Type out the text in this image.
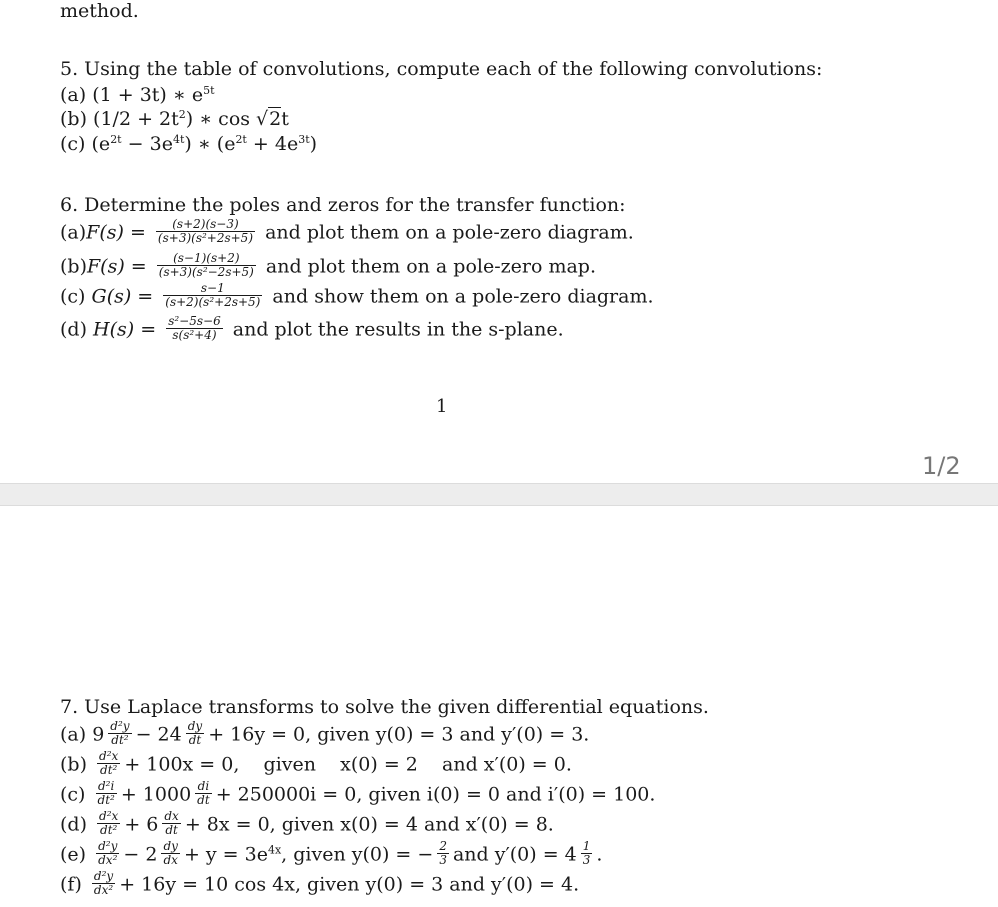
method.
5. Using the table of convolutions, compute each of the following convolutions:
(a) (1 + 3t) ∗ $e^{5t}$
(b) $(1/2 + 2t^2)$ ∗ cos √2t
(c) $(e^{2t} - 3e^{4t})$ ∗ $(e^{2t} + 4e^{3t})$
6. Determine the poles and zeros for the transfer function:
$(a)F(s) = \frac{(s+2)(s-3)}{\text{(s+3)(s²+2s+5)}}$ and plot them on a pole-zero diagram.
$(b)F(s) = \frac{(s-1)(s+2)}{\text{(s+3)(s²−2s+5)}}$ and plot them on a pole-zero map.
(c) $G(s) = \frac{s-1}{\text{(s+2)(s²+2s+5)}}$ and show them on a pole-zero diagram.
(d) $H(s) = \frac{\text{s²−5s−6}}{\text{s(s²+4)}}$ and plot the results in the s-plane.
1
1/2
7. Use Laplace transforms to solve the given differential equations.
(a) $9 \frac{\text{d²y}}{\text{dt²}} - 24 \frac{dy}{dt} + 16y = 0$, given y(0) = 3 and y′(0) = 3.
$(b) \frac{\text{d²x}}{\text{dt²}} + 100x = 0$,    given    x(0) = 2    and x′(0) = 0.
$(c) \frac{\text{d²i}}{\text{dt²}} + 1000 \frac{di}{dt} + 250000i = 0$, given i(0) = 0 and i′(0) = 100.
$(d) \frac{\text{d²x}}{\text{dt²}} + 6 \frac{dx}{dt} + 8x = 0$, given x(0) = 4 and x′(0) = 8.
$(e) \frac{\text{d²y}}{\text{dx²}} - 2 \frac{dy}{dx} + y = 3e^{4x}$, given y(0) = − $\frac{2}{3}$ and $y'(0) = 4 \frac{1}{3}$ .
$(f) \frac{\text{d²y}}{\text{dx²}} + 16y = 10$ cos 4x, given y(0) = 3 and y′(0) = 4.
